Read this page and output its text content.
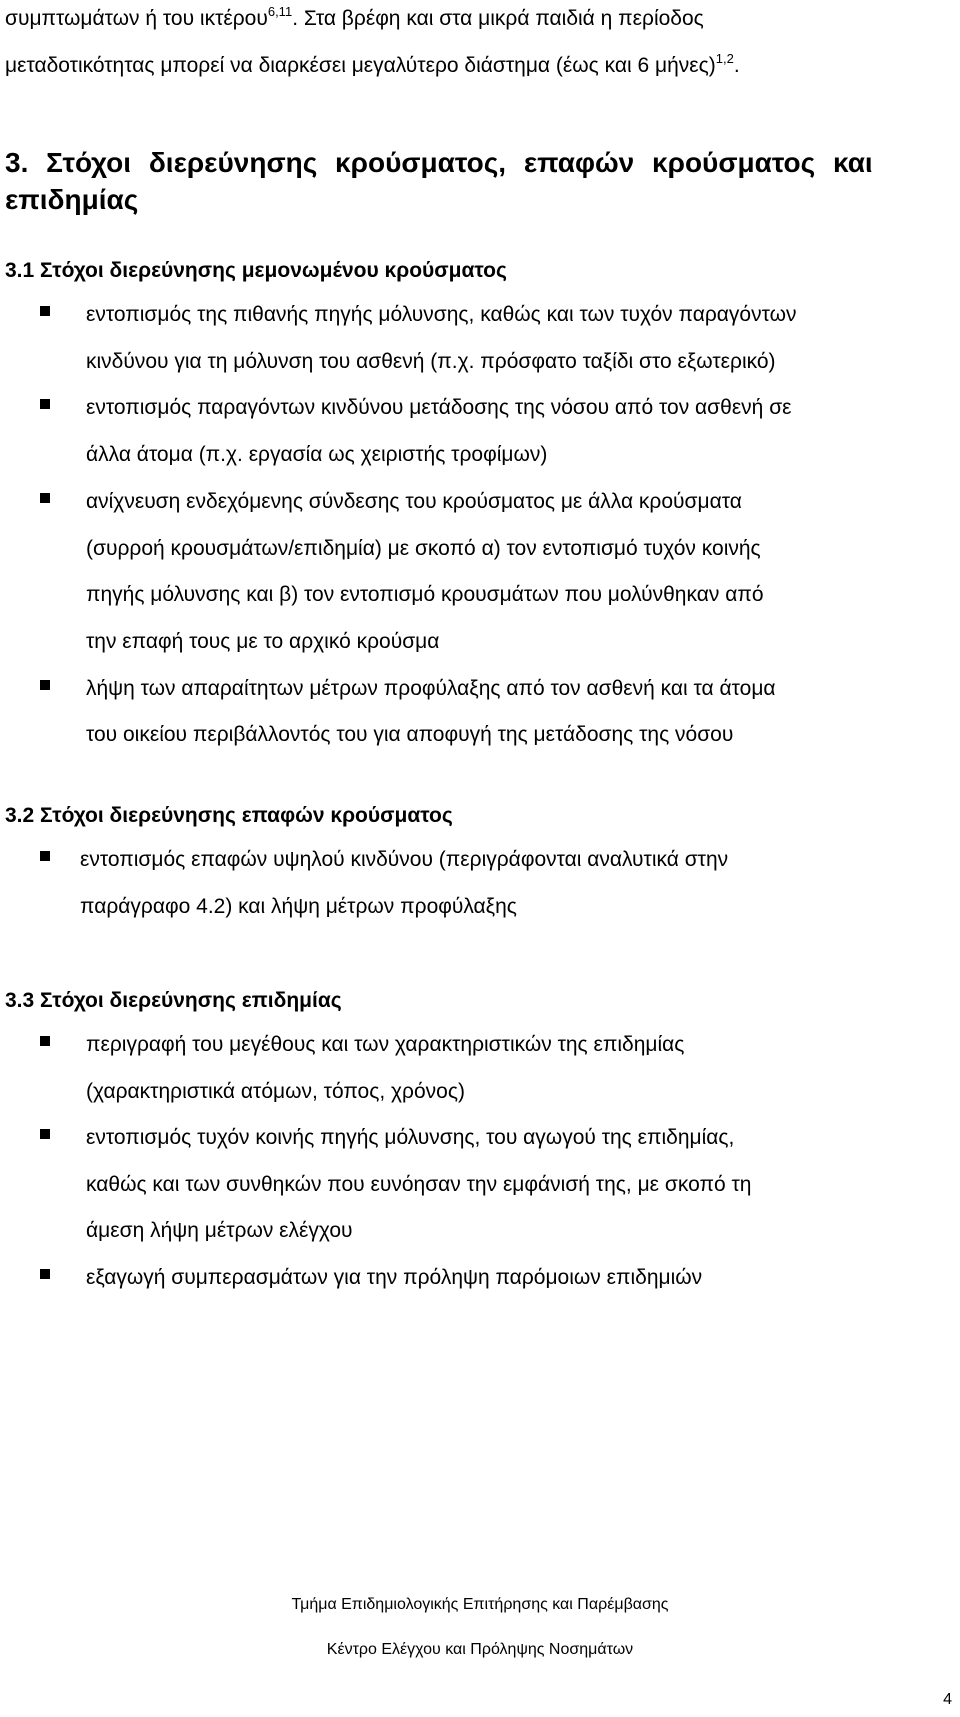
συμπτωμάτων ή του ικτέρου$^{6,11}$. Στα βρέφη και στα μικρά παιδιά η περίοδος
μεταδοτικότητας μπορεί να διαρκέσει μεγαλύτερο διάστημα (έως και 6 μήνες)$^{1,2}$.
3. Στόχοι διερεύνησης κρούσματος, επαφών κρούσματος και
επιδημίας
3.1 Στόχοι διερεύνησης μεμονωμένου κρούσματος
εντοπισμός της πιθανής πηγής μόλυνσης, καθώς και των τυχόν παραγόντων
κινδύνου για τη μόλυνση του ασθενή (π.χ. πρόσφατο ταξίδι στο εξωτερικό)
εντοπισμός παραγόντων κινδύνου μετάδοσης της νόσου από τον ασθενή σε
άλλα άτομα (π.χ. εργασία ως χειριστής τροφίμων)
ανίχνευση ενδεχόμενης σύνδεσης του κρούσματος με άλλα κρούσματα
(συρροή κρουσμάτων/επιδημία) με σκοπό α) τον εντοπισμό τυχόν κοινής
πηγής μόλυνσης και β) τον εντοπισμό κρουσμάτων που μολύνθηκαν από
την επαφή τους με το αρχικό κρούσμα
λήψη των απαραίτητων μέτρων προφύλαξης από τον ασθενή και τα άτομα
του οικείου περιβάλλοντός του για αποφυγή της μετάδοσης της νόσου
3.2 Στόχοι διερεύνησης επαφών κρούσματος
εντοπισμός επαφών υψηλού κινδύνου (περιγράφονται αναλυτικά στην
παράγραφο 4.2) και λήψη μέτρων προφύλαξης
3.3 Στόχοι διερεύνησης επιδημίας
περιγραφή του μεγέθους και των χαρακτηριστικών της επιδημίας
(χαρακτηριστικά ατόμων, τόπος, χρόνος)
εντοπισμός τυχόν κοινής πηγής μόλυνσης, του αγωγού της επιδημίας,
καθώς και των συνθηκών που ευνόησαν την εμφάνισή της, με σκοπό τη
άμεση λήψη μέτρων ελέγχου
εξαγωγή συμπερασμάτων για την πρόληψη παρόμοιων επιδημιών
Τμήμα Επιδημιολογικής Επιτήρησης και Παρέμβασης
Κέντρο Ελέγχου και Πρόληψης Νοσημάτων
4
